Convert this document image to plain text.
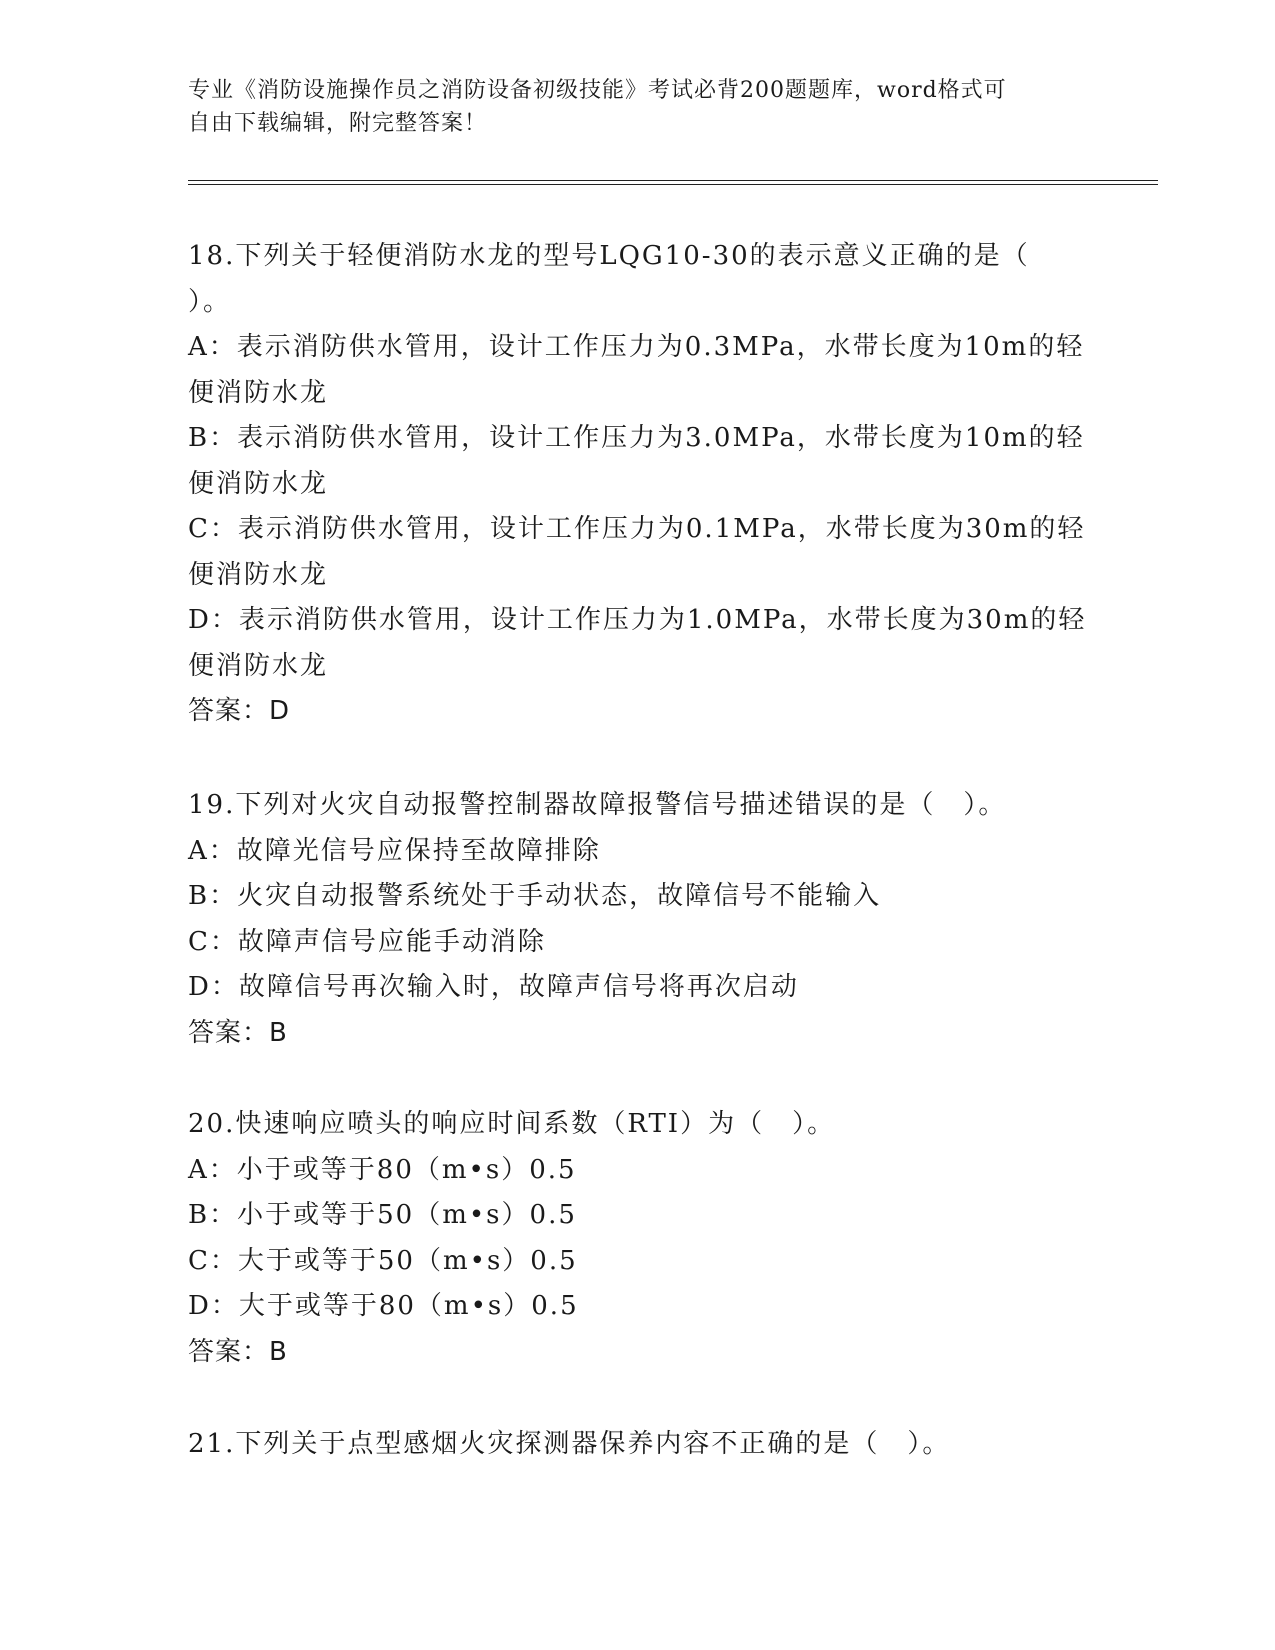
专业《消防设施操作员之消防设备初级技能》考试必背200题题库，word格式可

自由下载编辑，附完整答案！

18.下列关于轻便消防水龙的型号LQG10-30的表示意义正确的是（

）。

A：表示消防供水管用，设计工作压力为0.3MPa，水带长度为10m的轻

便消防水龙

B：表示消防供水管用，设计工作压力为3.0MPa，水带长度为10m的轻

便消防水龙

C：表示消防供水管用，设计工作压力为0.1MPa，水带长度为30m的轻

便消防水龙

D：表示消防供水管用，设计工作压力为1.0MPa，水带长度为30m的轻

便消防水龙

答案：D

19.下列对火灾自动报警控制器故障报警信号描述错误的是（　）。

A：故障光信号应保持至故障排除

B：火灾自动报警系统处于手动状态，故障信号不能输入

C：故障声信号应能手动消除

D：故障信号再次输入时，故障声信号将再次启动

答案：B

20.快速响应喷头的响应时间系数（RTI）为（　）。

A：小于或等于80（m•s）0.5

B：小于或等于50（m•s）0.5

C：大于或等于50（m•s）0.5

D：大于或等于80（m•s）0.5

答案：B

21.下列关于点型感烟火灾探测器保养内容不正确的是（　）。
